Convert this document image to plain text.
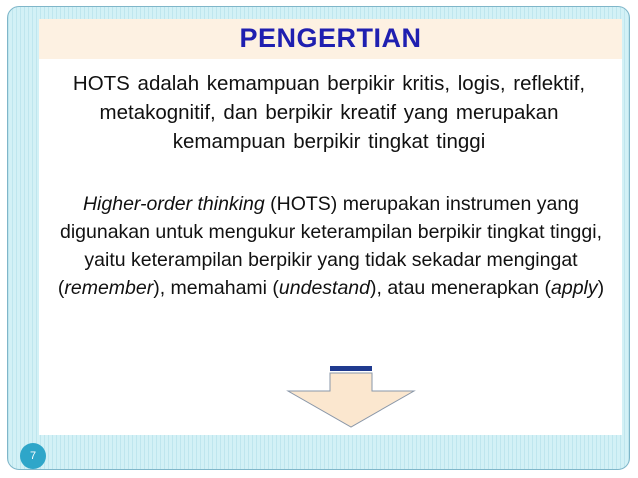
PENGERTIAN
HOTS adalah kemampuan berpikir kritis, logis, reflektif, metakognitif, dan berpikir kreatif yang merupakan kemampuan berpikir tingkat tinggi
Higher-order thinking (HOTS) merupakan instrumen yang digunakan untuk mengukur keterampilan berpikir tingkat tinggi, yaitu keterampilan berpikir yang tidak sekadar mengingat (remember), memahami (undestand), atau menerapkan (apply)
7
